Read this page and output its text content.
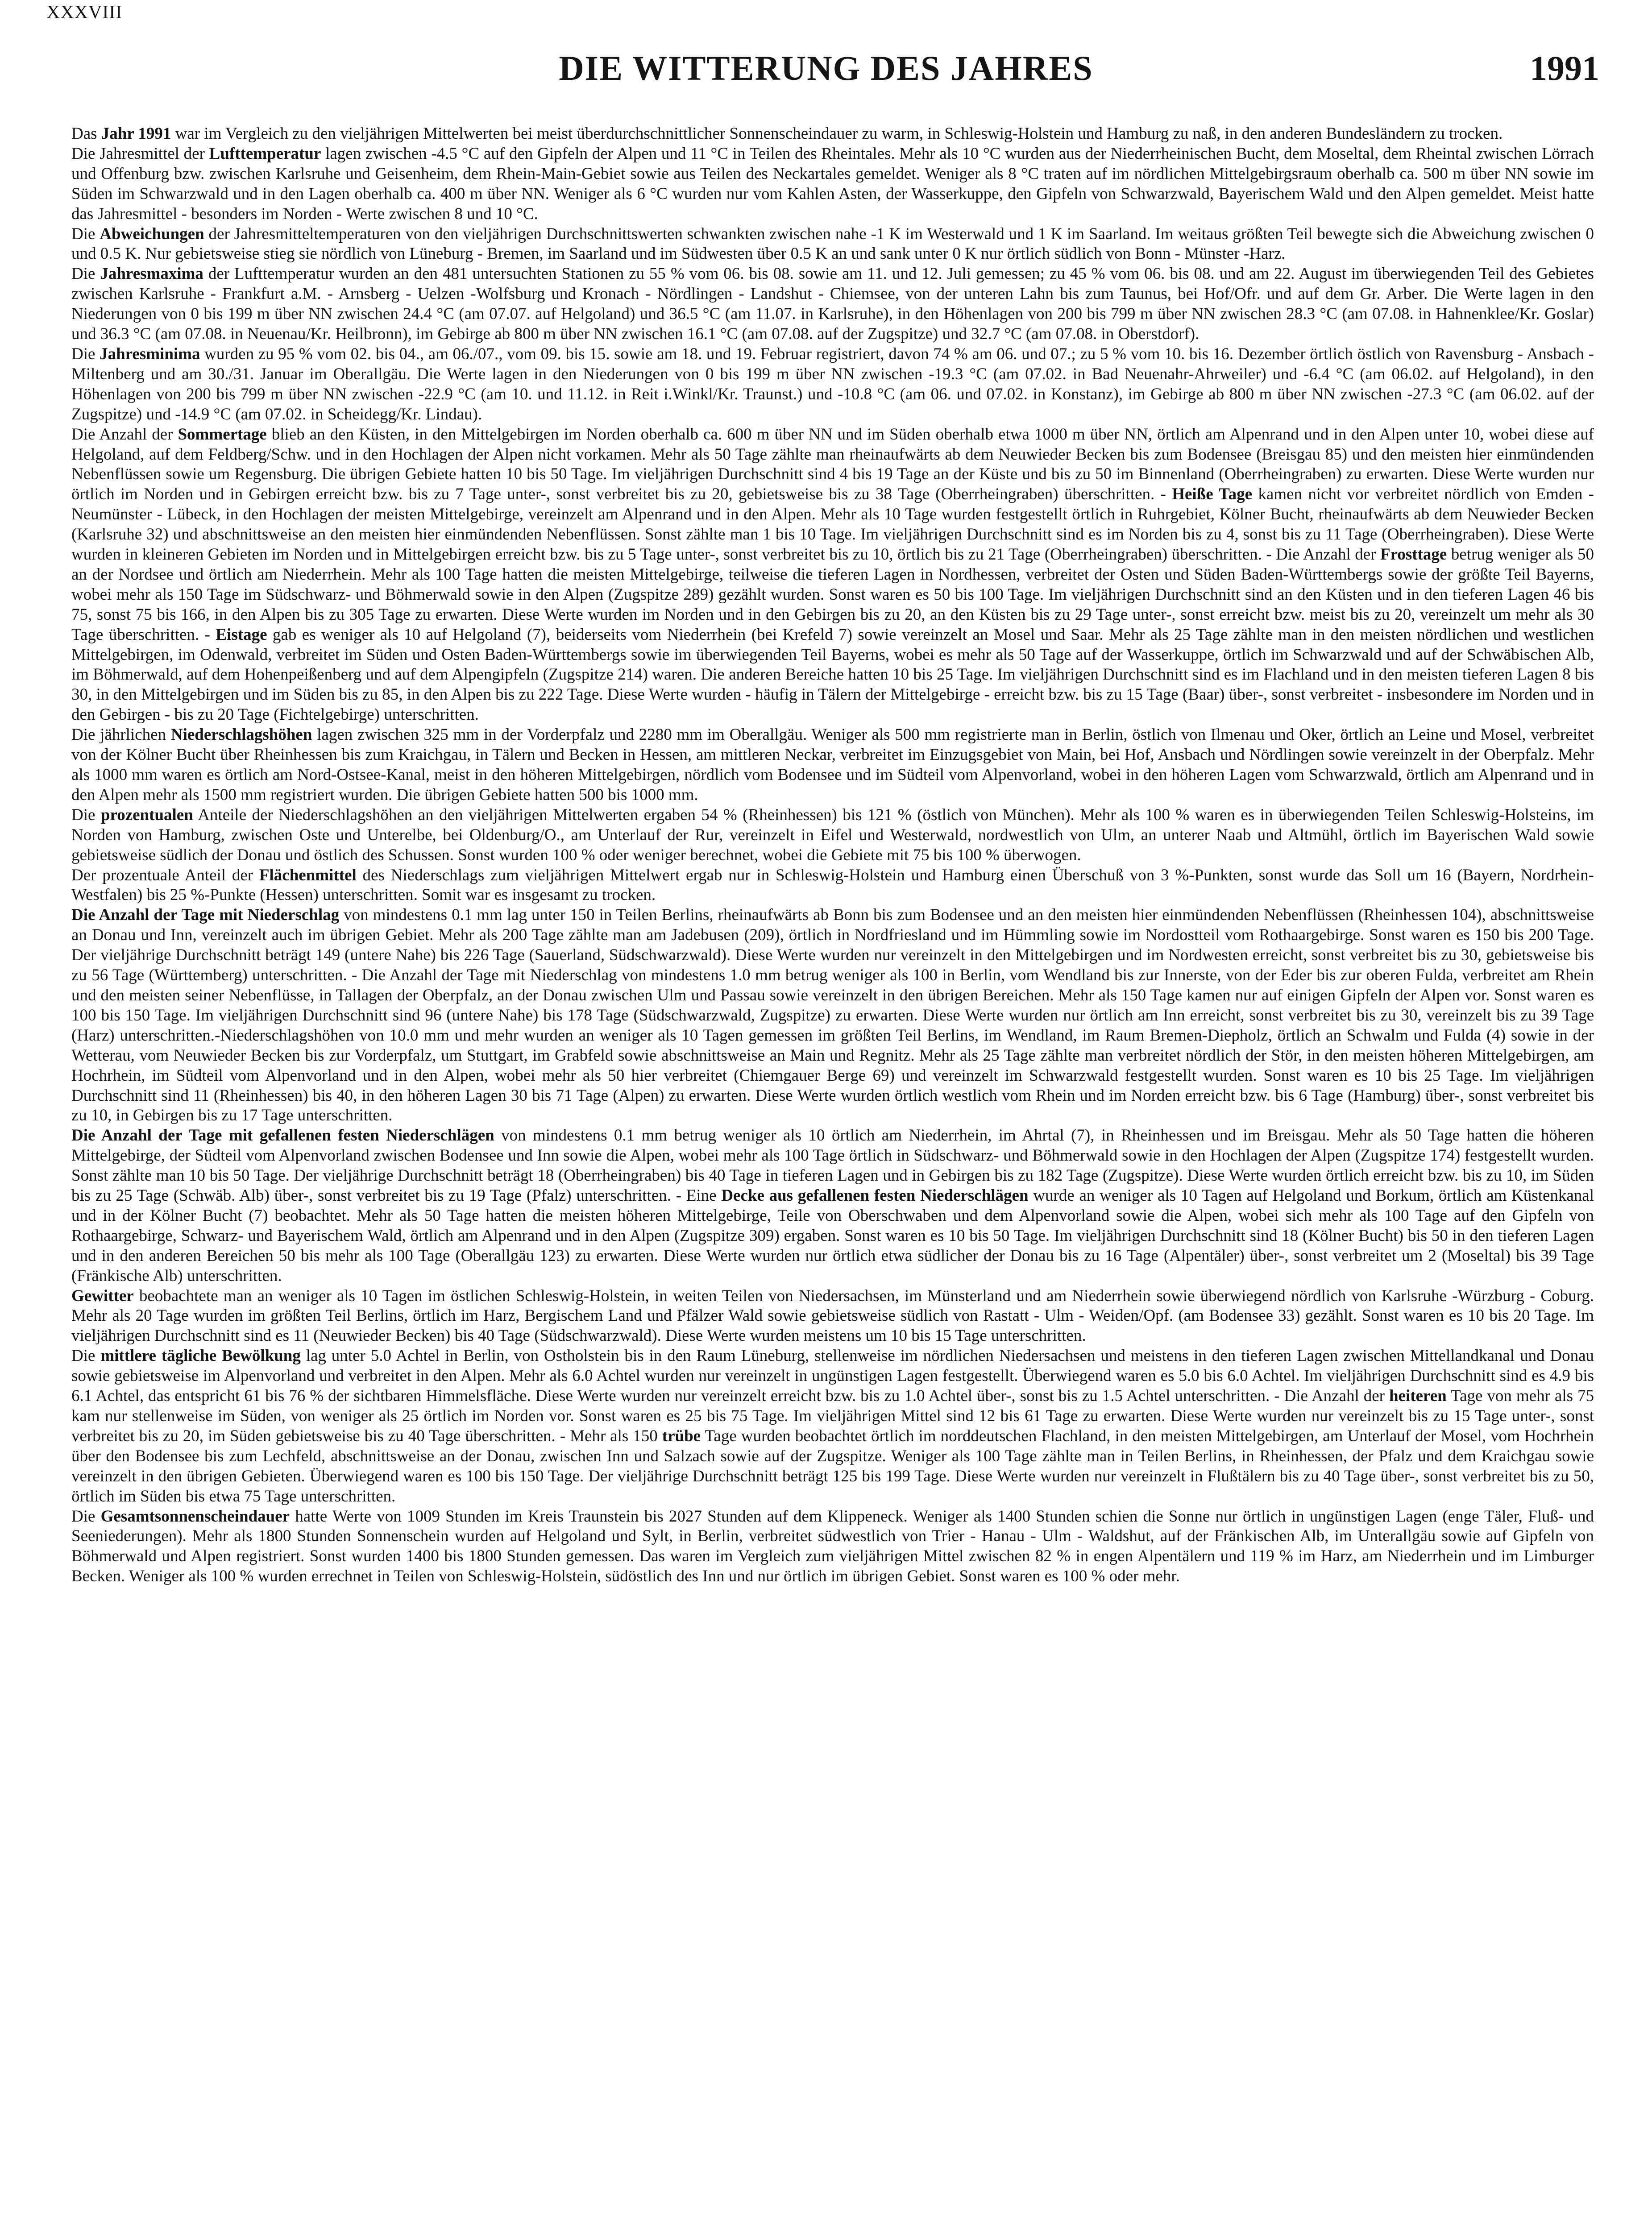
XXXVIII
DIE WITTERUNG DES JAHRES	1991

Das Jahr 1991 war im Vergleich zu den vieljährigen Mittelwerten bei meist überdurchschnittlicher Sonnenscheindauer zu warm, in Schleswig-Holstein und Hamburg zu naß, in den anderen Bundesländern zu trocken.

Die Jahresmittel der Lufttemperatur lagen zwischen -4.5 °C auf den Gipfeln der Alpen und 11 °C in Teilen des Rheintales. Mehr als 10 °C wurden aus der Niederrheinischen Bucht, dem Moseltal, dem Rheintal zwischen Lörrach und Offenburg bzw. zwischen Karlsruhe und Geisenheim, dem Rhein-Main-Gebiet sowie aus Teilen des Neckartales gemeldet. Weniger als 8 °C traten auf im nördlichen Mittelgebirgsraum oberhalb ca. 500 m über NN sowie im Süden im Schwarzwald und in den Lagen oberhalb ca. 400 m über NN. Weniger als 6 °C wurden nur vom Kahlen Asten, der Wasserkuppe, den Gipfeln von Schwarzwald, Bayerischem Wald und den Alpen gemeldet. Meist hatte das Jahresmittel - besonders im Norden - Werte zwischen 8 und 10 °C.

Die Abweichungen der Jahresmitteltemperaturen von den vieljährigen Durchschnittswerten schwankten zwischen nahe -1 K im Westerwald und 1 K im Saarland. Im weitaus größten Teil bewegte sich die Abweichung zwischen 0 und 0.5 K. Nur gebietsweise stieg sie nördlich von Lüneburg - Bremen, im Saarland und im Südwesten über 0.5 K an und sank unter 0 K nur örtlich südlich von Bonn - Münster -Harz.

Die Jahresmaxima der Lufttemperatur wurden an den 481 untersuchten Stationen zu 55 % vom 06. bis 08. sowie am 11. und 12. Juli gemessen; zu 45 % vom 06. bis 08. und am 22. August im überwiegenden Teil des Gebietes zwischen Karlsruhe - Frankfurt a.M. - Arnsberg - Uelzen -Wolfsburg und Kronach - Nördlingen - Landshut - Chiemsee, von der unteren Lahn bis zum Taunus, bei Hof/Ofr. und auf dem Gr. Arber. Die Werte lagen in den Niederungen von 0 bis 199 m über NN zwischen 24.4 °C (am 07.07. auf Helgoland) und 36.5 °C (am 11.07. in Karlsruhe), in den Höhenlagen von 200 bis 799 m über NN zwischen 28.3 °C (am 07.08. in Hahnenklee/Kr. Goslar) und 36.3 °C (am 07.08. in Neuenau/Kr. Heilbronn), im Gebirge ab 800 m über NN zwischen 16.1 °C (am 07.08. auf der Zugspitze) und 32.7 °C (am 07.08. in Oberstdorf).

Die Jahresminima wurden zu 95 % vom 02. bis 04., am 06./07., vom 09. bis 15. sowie am 18. und 19. Februar registriert, davon 74 % am 06. und 07.; zu 5 % vom 10. bis 16. Dezember örtlich östlich von Ravensburg - Ansbach - Miltenberg und am 30./31. Januar im Oberallgäu. Die Werte lagen in den Niederungen von 0 bis 199 m über NN zwischen -19.3 °C (am 07.02. in Bad Neuenahr-Ahrweiler) und -6.4 °C (am 06.02. auf Helgoland), in den Höhenlagen von 200 bis 799 m über NN zwischen -22.9 °C (am 10. und 11.12. in Reit i.Winkl/Kr. Traunst.) und -10.8 °C (am 06. und 07.02. in Konstanz), im Gebirge ab 800 m über NN zwischen -27.3 °C (am 06.02. auf der Zugspitze) und -14.9 °C (am 07.02. in Scheidegg/Kr. Lindau).

Die Anzahl der Sommertage blieb an den Küsten, in den Mittelgebirgen im Norden oberhalb ca. 600 m über NN und im Süden oberhalb etwa 1000 m über NN, örtlich am Alpenrand und in den Alpen unter 10, wobei diese auf Helgoland, auf dem Feldberg/Schw. und in den Hochlagen der Alpen nicht vorkamen. Mehr als 50 Tage zählte man rheinaufwärts ab dem Neuwieder Becken bis zum Bodensee (Breisgau 85) und den meisten hier einmündenden Nebenflüssen sowie um Regensburg. Die übrigen Gebiete hatten 10 bis 50 Tage. Im vieljährigen Durchschnitt sind 4 bis 19 Tage an der Küste und bis zu 50 im Binnenland (Oberrheingraben) zu erwarten. Diese Werte wurden nur örtlich im Norden und in Gebirgen erreicht bzw. bis zu 7 Tage unter-, sonst verbreitet bis zu 20, gebietsweise bis zu 38 Tage (Oberrheingraben) überschritten. - Heiße Tage kamen nicht vor verbreitet nördlich von Emden - Neumünster - Lübeck, in den Hochlagen der meisten Mittelgebirge, vereinzelt am Alpenrand und in den Alpen. Mehr als 10 Tage wurden festgestellt örtlich in Ruhrgebiet, Kölner Bucht, rheinaufwärts ab dem Neuwieder Becken (Karlsruhe 32) und abschnittsweise an den meisten hier einmündenden Nebenflüssen. Sonst zählte man 1 bis 10 Tage. Im vieljährigen Durchschnitt sind es im Norden bis zu 4, sonst bis zu 11 Tage (Oberrheingraben). Diese Werte wurden in kleineren Gebieten im Norden und in Mittelgebirgen erreicht bzw. bis zu 5 Tage unter-, sonst verbreitet bis zu 10, örtlich bis zu 21 Tage (Oberrheingraben) überschritten. - Die Anzahl der Frosttage betrug weniger als 50 an der Nordsee und örtlich am Niederrhein. Mehr als 100 Tage hatten die meisten Mittelgebirge, teilweise die tieferen Lagen in Nordhessen, verbreitet der Osten und Süden Baden-Württembergs sowie der größte Teil Bayerns, wobei mehr als 150 Tage im Südschwarz- und Böhmerwald sowie in den Alpen (Zugspitze 289) gezählt wurden. Sonst waren es 50 bis 100 Tage. Im vieljährigen Durchschnitt sind an den Küsten und in den tieferen Lagen 46 bis 75, sonst 75 bis 166, in den Alpen bis zu 305 Tage zu erwarten. Diese Werte wurden im Norden und in den Gebirgen bis zu 20, an den Küsten bis zu 29 Tage unter-, sonst erreicht bzw. meist bis zu 20, vereinzelt um mehr als 30 Tage überschritten. - Eistage gab es weniger als 10 auf Helgoland (7), beiderseits vom Niederrhein (bei Krefeld 7) sowie vereinzelt an Mosel und Saar. Mehr als 25 Tage zählte man in den meisten nördlichen und westlichen Mittelgebirgen, im Odenwald, verbreitet im Süden und Osten Baden-Württembergs sowie im überwiegenden Teil Bayerns, wobei es mehr als 50 Tage auf der Wasserkuppe, örtlich im Schwarzwald und auf der Schwäbischen Alb, im Böhmerwald, auf dem Hohenpeißenberg und auf dem Alpengipfeln (Zugspitze 214) waren. Die anderen Bereiche hatten 10 bis 25 Tage. Im vieljährigen Durchschnitt sind es im Flachland und in den meisten tieferen Lagen 8 bis 30, in den Mittelgebirgen und im Süden bis zu 85, in den Alpen bis zu 222 Tage. Diese Werte wurden - häufig in Tälern der Mittelgebirge - erreicht bzw. bis zu 15 Tage (Baar) über-, sonst verbreitet - insbesondere im Norden und in den Gebirgen - bis zu 20 Tage (Fichtelgebirge) unterschritten.

Die jährlichen Niederschlagshöhen lagen zwischen 325 mm in der Vorderpfalz und 2280 mm im Oberallgäu. Weniger als 500 mm registrierte man in Berlin, östlich von Ilmenau und Oker, örtlich an Leine und Mosel, verbreitet von der Kölner Bucht über Rheinhessen bis zum Kraichgau, in Tälern und Becken in Hessen, am mittleren Neckar, verbreitet im Einzugsgebiet von Main, bei Hof, Ansbach und Nördlingen sowie vereinzelt in der Oberpfalz. Mehr als 1000 mm waren es örtlich am Nord-Ostsee-Kanal, meist in den höheren Mittelgebirgen, nördlich vom Bodensee und im Südteil vom Alpenvorland, wobei in den höheren Lagen vom Schwarzwald, örtlich am Alpenrand und in den Alpen mehr als 1500 mm registriert wurden. Die übrigen Gebiete hatten 500 bis 1000 mm.

Die prozentualen Anteile der Niederschlagshöhen an den vieljährigen Mittelwerten ergaben 54 % (Rheinhessen) bis 121 % (östlich von München). Mehr als 100 % waren es in überwiegenden Teilen Schleswig-Holsteins, im Norden von Hamburg, zwischen Oste und Unterelbe, bei Oldenburg/O., am Unterlauf der Rur, vereinzelt in Eifel und Westerwald, nordwestlich von Ulm, an unterer Naab und Altmühl, örtlich im Bayerischen Wald sowie gebietsweise südlich der Donau und östlich des Schussen. Sonst wurden 100 % oder weniger berechnet, wobei die Gebiete mit 75 bis 100 % überwogen.

Der prozentuale Anteil der Flächenmittel des Niederschlags zum vieljährigen Mittelwert ergab nur in Schleswig-Holstein und Hamburg einen Überschuß von 3 %-Punkten, sonst wurde das Soll um 16 (Bayern, Nordrhein-Westfalen) bis 25 %-Punkte (Hessen) unterschritten. Somit war es insgesamt zu trocken.

Die Anzahl der Tage mit Niederschlag von mindestens 0.1 mm lag unter 150 in Teilen Berlins, rheinaufwärts ab Bonn bis zum Bodensee und an den meisten hier einmündenden Nebenflüssen (Rheinhessen 104), abschnittsweise an Donau und Inn, vereinzelt auch im übrigen Gebiet. Mehr als 200 Tage zählte man am Jadebusen (209), örtlich in Nordfriesland und im Hümmling sowie im Nordostteil vom Rothaargebirge. Sonst waren es 150 bis 200 Tage. Der vieljährige Durchschnitt beträgt 149 (untere Nahe) bis 226 Tage (Sauerland, Südschwarzwald). Diese Werte wurden nur vereinzelt in den Mittelgebirgen und im Nordwesten erreicht, sonst verbreitet bis zu 30, gebietsweise bis zu 56 Tage (Württemberg) unterschritten. - Die Anzahl der Tage mit Niederschlag von mindestens 1.0 mm betrug weniger als 100 in Berlin, vom Wendland bis zur Innerste, von der Eder bis zur oberen Fulda, verbreitet am Rhein und den meisten seiner Nebenflüsse, in Tallagen der Oberpfalz, an der Donau zwischen Ulm und Passau sowie vereinzelt in den übrigen Bereichen. Mehr als 150 Tage kamen nur auf einigen Gipfeln der Alpen vor. Sonst waren es 100 bis 150 Tage. Im vieljährigen Durchschnitt sind 96 (untere Nahe) bis 178 Tage (Südschwarzwald, Zugspitze) zu erwarten. Diese Werte wurden nur örtlich am Inn erreicht, sonst verbreitet bis zu 30, vereinzelt bis zu 39 Tage (Harz) unterschritten.-Niederschlagshöhen von 10.0 mm und mehr wurden an weniger als 10 Tagen gemessen im größten Teil Berlins, im Wendland, im Raum Bremen-Diepholz, örtlich an Schwalm und Fulda (4) sowie in der Wetterau, vom Neuwieder Becken bis zur Vorderpfalz, um Stuttgart, im Grabfeld sowie abschnittsweise an Main und Regnitz. Mehr als 25 Tage zählte man verbreitet nördlich der Stör, in den meisten höheren Mittelgebirgen, am Hochrhein, im Südteil vom Alpenvorland und in den Alpen, wobei mehr als 50 hier verbreitet (Chiemgauer Berge 69) und vereinzelt im Schwarzwald festgestellt wurden. Sonst waren es 10 bis 25 Tage. Im vieljährigen Durchschnitt sind 11 (Rheinhessen) bis 40, in den höheren Lagen 30 bis 71 Tage (Alpen) zu erwarten. Diese Werte wurden örtlich westlich vom Rhein und im Norden erreicht bzw. bis 6 Tage (Hamburg) über-, sonst verbreitet bis zu 10, in Gebirgen bis zu 17 Tage unterschritten.

Die Anzahl der Tage mit gefallenen festen Niederschlägen von mindestens 0.1 mm betrug weniger als 10 örtlich am Niederrhein, im Ahrtal (7), in Rheinhessen und im Breisgau. Mehr als 50 Tage hatten die höheren Mittelgebirge, der Südteil vom Alpenvorland zwischen Bodensee und Inn sowie die Alpen, wobei mehr als 100 Tage örtlich in Südschwarz- und Böhmerwald sowie in den Hochlagen der Alpen (Zugspitze 174) festgestellt wurden. Sonst zählte man 10 bis 50 Tage. Der vieljährige Durchschnitt beträgt 18 (Oberrheingraben) bis 40 Tage in tieferen Lagen und in Gebirgen bis zu 182 Tage (Zugspitze). Diese Werte wurden örtlich erreicht bzw. bis zu 10, im Süden bis zu 25 Tage (Schwäb. Alb) über-, sonst verbreitet bis zu 19 Tage (Pfalz) unterschritten. - Eine Decke aus gefallenen festen Niederschlägen wurde an weniger als 10 Tagen auf Helgoland und Borkum, örtlich am Küstenkanal und in der Kölner Bucht (7) beobachtet. Mehr als 50 Tage hatten die meisten höheren Mittelgebirge, Teile von Oberschwaben und dem Alpenvorland sowie die Alpen, wobei sich mehr als 100 Tage auf den Gipfeln von Rothaargebirge, Schwarz- und Bayerischem Wald, örtlich am Alpenrand und in den Alpen (Zugspitze 309) ergaben. Sonst waren es 10 bis 50 Tage. Im vieljährigen Durchschnitt sind 18 (Kölner Bucht) bis 50 in den tieferen Lagen und in den anderen Bereichen 50 bis mehr als 100 Tage (Oberallgäu 123) zu erwarten. Diese Werte wurden nur örtlich etwa südlicher der Donau bis zu 16 Tage (Alpentäler) über-, sonst verbreitet um 2 (Moseltal) bis 39 Tage (Fränkische Alb) unterschritten.

Gewitter beobachtete man an weniger als 10 Tagen im östlichen Schleswig-Holstein, in weiten Teilen von Niedersachsen, im Münsterland und am Niederrhein sowie überwiegend nördlich von Karlsruhe -Würzburg - Coburg. Mehr als 20 Tage wurden im größten Teil Berlins, örtlich im Harz, Bergischem Land und Pfälzer Wald sowie gebietsweise südlich von Rastatt - Ulm - Weiden/Opf. (am Bodensee 33) gezählt. Sonst waren es 10 bis 20 Tage. Im vieljährigen Durchschnitt sind es 11 (Neuwieder Becken) bis 40 Tage (Südschwarzwald). Diese Werte wurden meistens um 10 bis 15 Tage unterschritten.

Die mittlere tägliche Bewölkung lag unter 5.0 Achtel in Berlin, von Ostholstein bis in den Raum Lüneburg, stellenweise im nördlichen Niedersachsen und meistens in den tieferen Lagen zwischen Mittellandkanal und Donau sowie gebietsweise im Alpenvorland und verbreitet in den Alpen. Mehr als 6.0 Achtel wurden nur vereinzelt in ungünstigen Lagen festgestellt. Überwiegend waren es 5.0 bis 6.0 Achtel. Im vieljährigen Durchschnitt sind es 4.9 bis 6.1 Achtel, das entspricht 61 bis 76 % der sichtbaren Himmelsfläche. Diese Werte wurden nur vereinzelt erreicht bzw. bis zu 1.0 Achtel über-, sonst bis zu 1.5 Achtel unterschritten. - Die Anzahl der heiteren Tage von mehr als 75 kam nur stellenweise im Süden, von weniger als 25 örtlich im Norden vor. Sonst waren es 25 bis 75 Tage. Im vieljährigen Mittel sind 12 bis 61 Tage zu erwarten. Diese Werte wurden nur vereinzelt bis zu 15 Tage unter-, sonst verbreitet bis zu 20, im Süden gebietsweise bis zu 40 Tage überschritten. - Mehr als 150 trübe Tage wurden beobachtet örtlich im norddeutschen Flachland, in den meisten Mittelgebirgen, am Unterlauf der Mosel, vom Hochrhein über den Bodensee bis zum Lechfeld, abschnittsweise an der Donau, zwischen Inn und Salzach sowie auf der Zugspitze. Weniger als 100 Tage zählte man in Teilen Berlins, in Rheinhessen, der Pfalz und dem Kraichgau sowie vereinzelt in den übrigen Gebieten. Überwiegend waren es 100 bis 150 Tage. Der vieljährige Durchschnitt beträgt 125 bis 199 Tage. Diese Werte wurden nur vereinzelt in Flußtälern bis zu 40 Tage über-, sonst verbreitet bis zu 50, örtlich im Süden bis etwa 75 Tage unterschritten.

Die Gesamtsonnenscheindauer hatte Werte von 1009 Stunden im Kreis Traunstein bis 2027 Stunden auf dem Klippeneck. Weniger als 1400 Stunden schien die Sonne nur örtlich in ungünstigen Lagen (enge Täler, Fluß- und Seeniederungen). Mehr als 1800 Stunden Sonnenschein wurden auf Helgoland und Sylt, in Berlin, verbreitet südwestlich von Trier - Hanau - Ulm - Waldshut, auf der Fränkischen Alb, im Unterallgäu sowie auf Gipfeln von Böhmerwald und Alpen registriert. Sonst wurden 1400 bis 1800 Stunden gemessen. Das waren im Vergleich zum vieljährigen Mittel zwischen 82 % in engen Alpentälern und 119 % im Harz, am Niederrhein und im Limburger Becken. Weniger als 100 % wurden errechnet in Teilen von Schleswig-Holstein, südöstlich des Inn und nur örtlich im übrigen Gebiet. Sonst waren es 100 % oder mehr.
